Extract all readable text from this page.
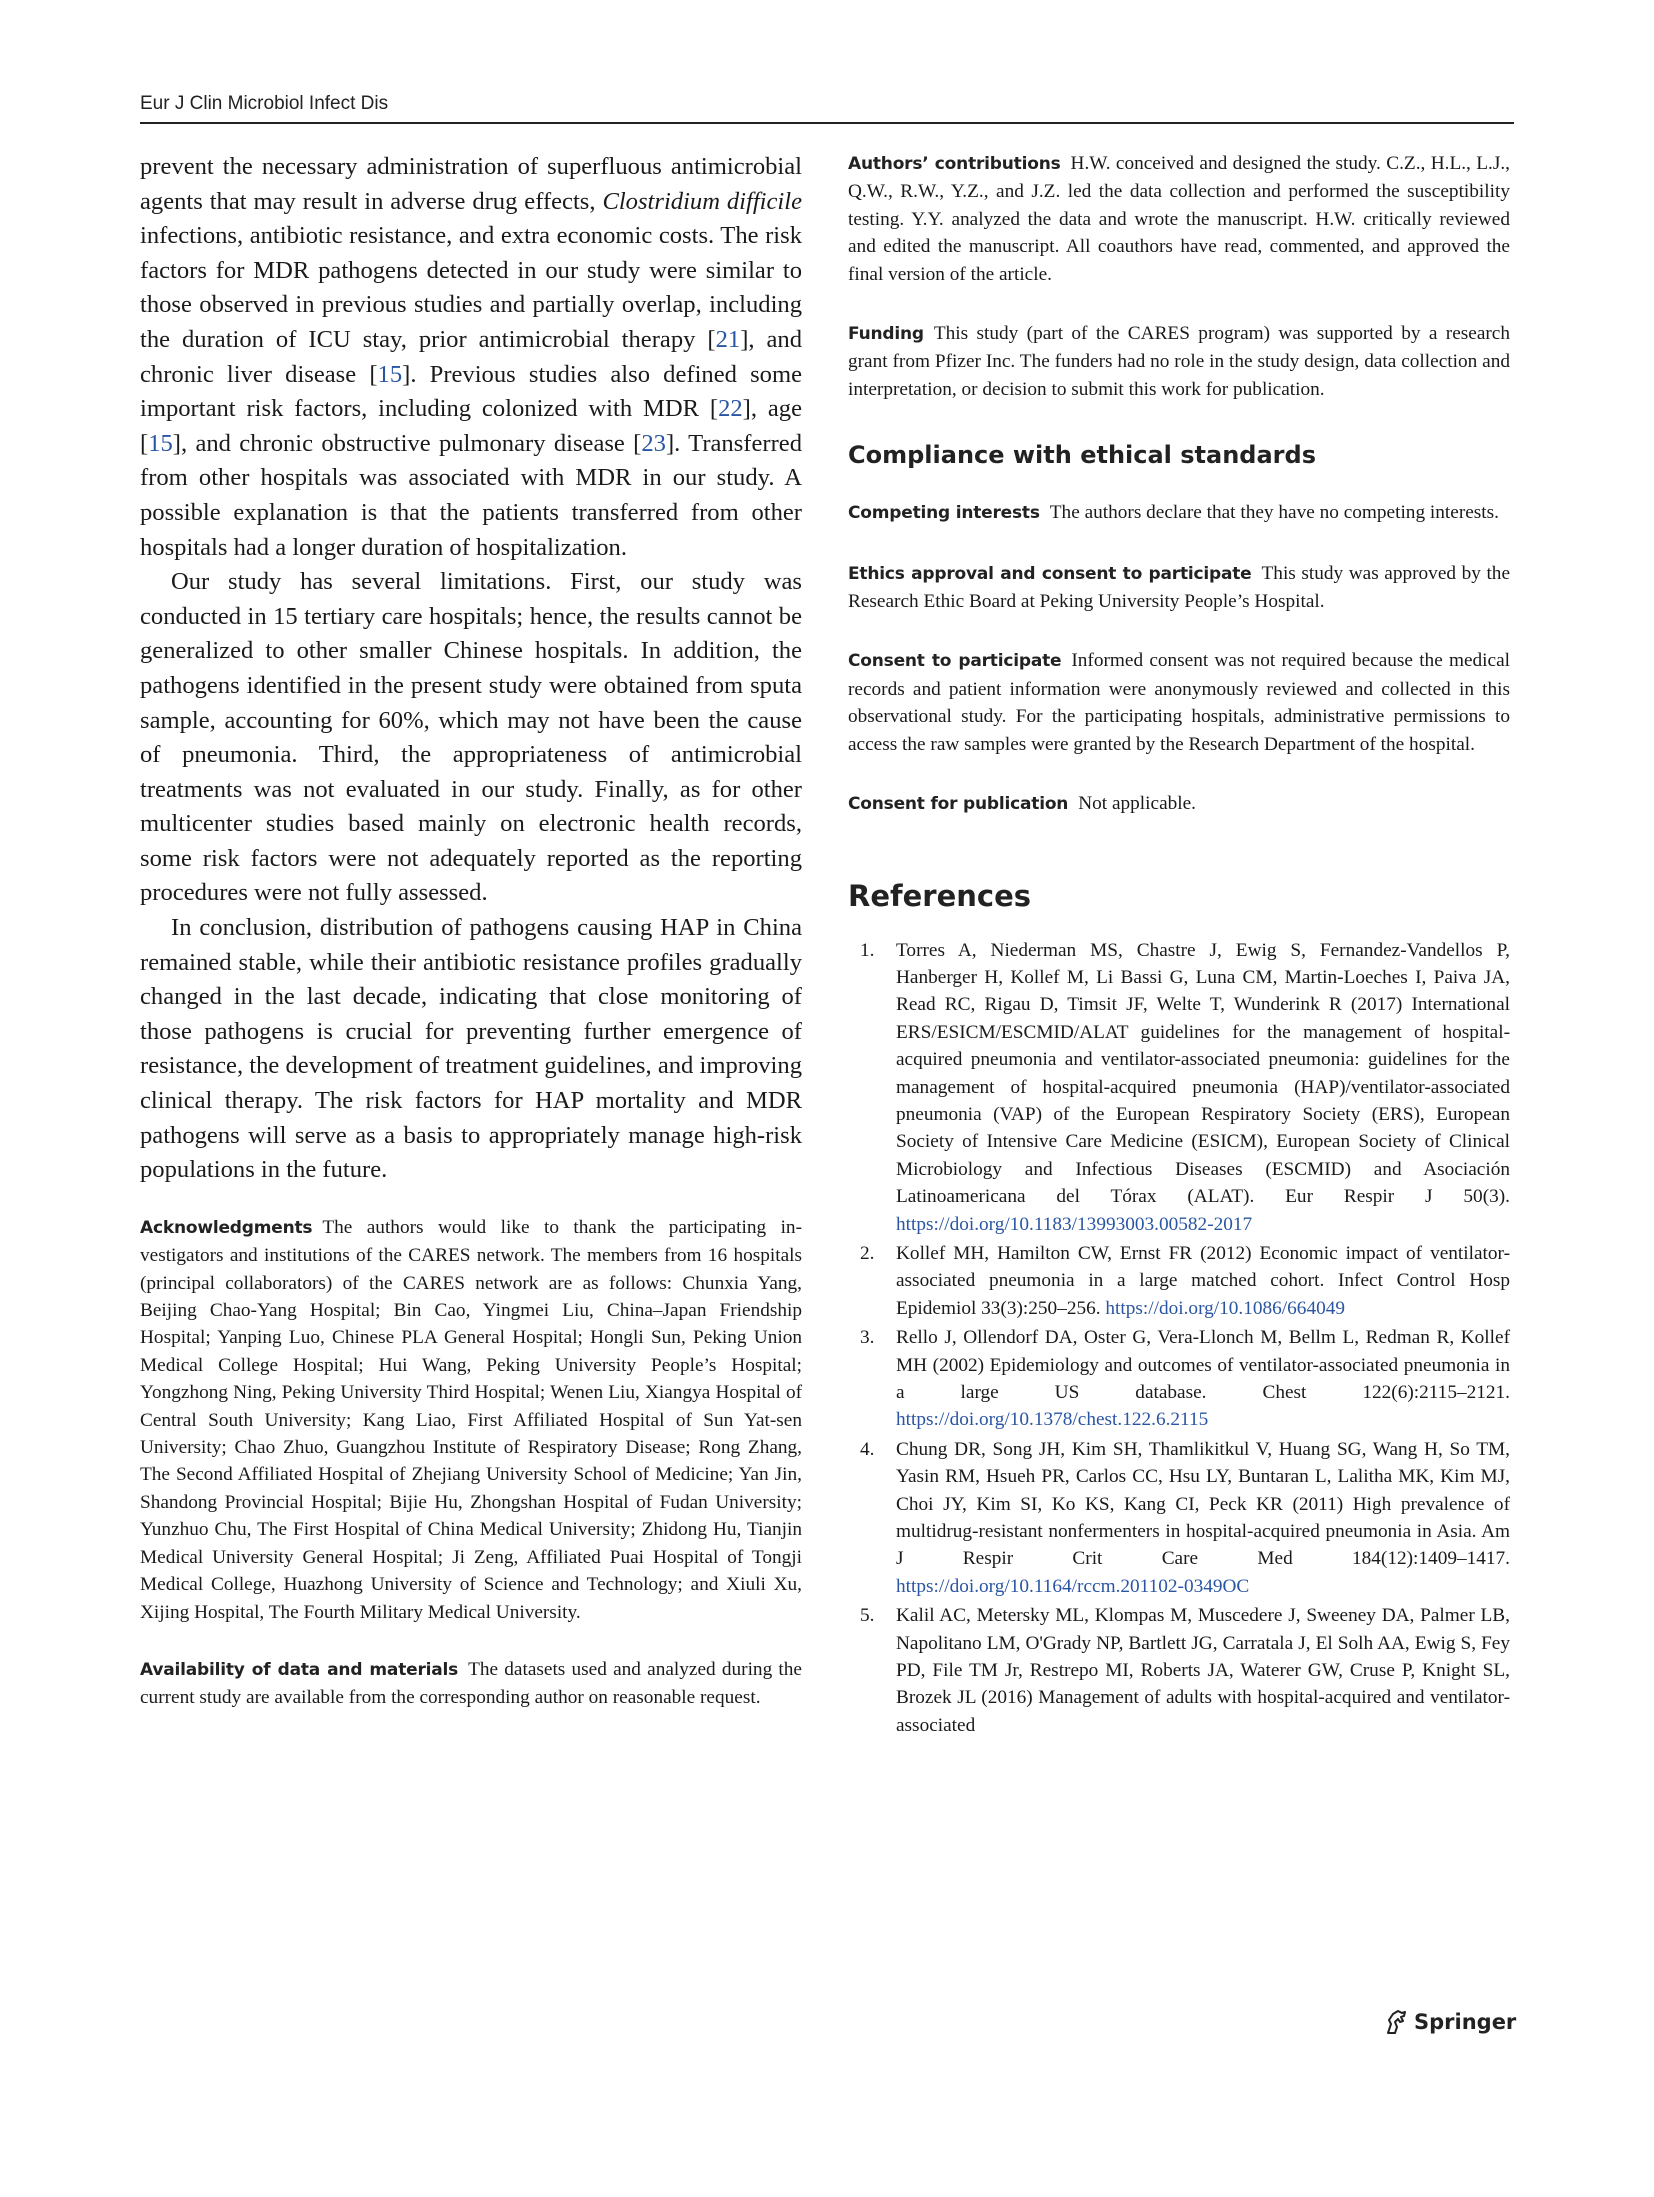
Eur J Clin Microbiol Infect Dis

prevent the necessary administration of superfluous antimicrobial agents that may result in adverse drug effects, Clostridium difficile infections, antibiotic resistance, and extra economic costs. The risk factors for MDR pathogens detected in our study were similar to those observed in previous studies and partially overlap, including the duration of ICU stay, prior antimicrobial therapy [21], and chronic liver disease [15]. Previous studies also defined some important risk factors, including colonized with MDR [22], age [15], and chronic obstructive pulmonary disease [23]. Transferred from other hospitals was associated with MDR in our study. A possible explanation is that the patients transferred from other hospitals had a longer duration of hospitalization.

Our study has several limitations. First, our study was conducted in 15 tertiary care hospitals; hence, the results cannot be generalized to other smaller Chinese hospitals. In addition, the pathogens identified in the present study were obtained from sputa sample, accounting for 60%, which may not have been the cause of pneumonia. Third, the appropriateness of antimicrobial treatments was not evaluated in our study. Finally, as for other multicenter studies based mainly on electronic health records, some risk factors were not adequately reported as the reporting procedures were not fully assessed.

In conclusion, distribution of pathogens causing HAP in China remained stable, while their antibiotic resistance profiles gradually changed in the last decade, indicating that close monitoring of those pathogens is crucial for preventing further emergence of resistance, the development of treatment guidelines, and improving clinical therapy. The risk factors for HAP mortality and MDR pathogens will serve as a basis to appropriately manage high-risk populations in the future.

Acknowledgments The authors would like to thank the participating investigators and institutions of the CARES network. The members from 16 hospitals (principal collaborators) of the CARES network are as follows: Chunxia Yang, Beijing Chao-Yang Hospital; Bin Cao, Yingmei Liu, China–Japan Friendship Hospital; Yanping Luo, Chinese PLA General Hospital; Hongli Sun, Peking Union Medical College Hospital; Hui Wang, Peking University People’s Hospital; Yongzhong Ning, Peking University Third Hospital; Wenen Liu, Xiangya Hospital of Central South University; Kang Liao, First Affiliated Hospital of Sun Yat-sen University; Chao Zhuo, Guangzhou Institute of Respiratory Disease; Rong Zhang, The Second Affiliated Hospital of Zhejiang University School of Medicine; Yan Jin, Shandong Provincial Hospital; Bijie Hu, Zhongshan Hospital of Fudan University; Yunzhuo Chu, The First Hospital of China Medical University; Zhidong Hu, Tianjin Medical University General Hospital; Ji Zeng, Affiliated Puai Hospital of Tongji Medical College, Huazhong University of Science and Technology; and Xiuli Xu, Xijing Hospital, The Fourth Military Medical University.

Availability of data and materials The datasets used and analyzed during the current study are available from the corresponding author on reasonable request.

Authors’ contributions H.W. conceived and designed the study. C.Z., H.L., L.J., Q.W., R.W., Y.Z., and J.Z. led the data collection and performed the susceptibility testing. Y.Y. analyzed the data and wrote the manuscript. H.W. critically reviewed and edited the manuscript. All coauthors have read, commented, and approved the final version of the article.

Funding This study (part of the CARES program) was supported by a research grant from Pfizer Inc. The funders had no role in the study design, data collection and interpretation, or decision to submit this work for publication.

Compliance with ethical standards

Competing interests The authors declare that they have no competing interests.

Ethics approval and consent to participate This study was approved by the Research Ethic Board at Peking University People’s Hospital.

Consent to participate Informed consent was not required because the medical records and patient information were anonymously reviewed and collected in this observational study. For the participating hospitals, administrative permissions to access the raw samples were granted by the Research Department of the hospital.

Consent for publication Not applicable.

References
1. Torres A, Niederman MS, Chastre J, Ewig S, Fernandez-Vandellos P, Hanberger H, Kollef M, Li Bassi G, Luna CM, Martin-Loeches I, Paiva JA, Read RC, Rigau D, Timsit JF, Welte T, Wunderink R (2017) International ERS/ESICM/ESCMID/ALAT guidelines for the management of hospital-acquired pneumonia and ventilator-associated pneumonia: guidelines for the management of hospital-acquired pneumonia (HAP)/ventilator-associated pneumonia (VAP) of the European Respiratory Society (ERS), European Society of Intensive Care Medicine (ESICM), European Society of Clinical Microbiology and Infectious Diseases (ESCMID) and Asociación Latinoamericana del Tórax (ALAT). Eur Respir J 50(3). https://doi.org/10.1183/13993003.00582-2017
2. Kollef MH, Hamilton CW, Ernst FR (2012) Economic impact of ventilator-associated pneumonia in a large matched cohort. Infect Control Hosp Epidemiol 33(3):250–256. https://doi.org/10.1086/664049
3. Rello J, Ollendorf DA, Oster G, Vera-Llonch M, Bellm L, Redman R, Kollef MH (2002) Epidemiology and outcomes of ventilator-associated pneumonia in a large US database. Chest 122(6):2115–2121. https://doi.org/10.1378/chest.122.6.2115
4. Chung DR, Song JH, Kim SH, Thamlikitkul V, Huang SG, Wang H, So TM, Yasin RM, Hsueh PR, Carlos CC, Hsu LY, Buntaran L, Lalitha MK, Kim MJ, Choi JY, Kim SI, Ko KS, Kang CI, Peck KR (2011) High prevalence of multidrug-resistant nonfermenters in hospital-acquired pneumonia in Asia. Am J Respir Crit Care Med 184(12):1409–1417. https://doi.org/10.1164/rccm.201102-0349OC
5. Kalil AC, Metersky ML, Klompas M, Muscedere J, Sweeney DA, Palmer LB, Napolitano LM, O'Grady NP, Bartlett JG, Carratala J, El Solh AA, Ewig S, Fey PD, File TM Jr, Restrepo MI, Roberts JA, Waterer GW, Cruse P, Knight SL, Brozek JL (2016) Management of adults with hospital-acquired and ventilator-associated
Springer
